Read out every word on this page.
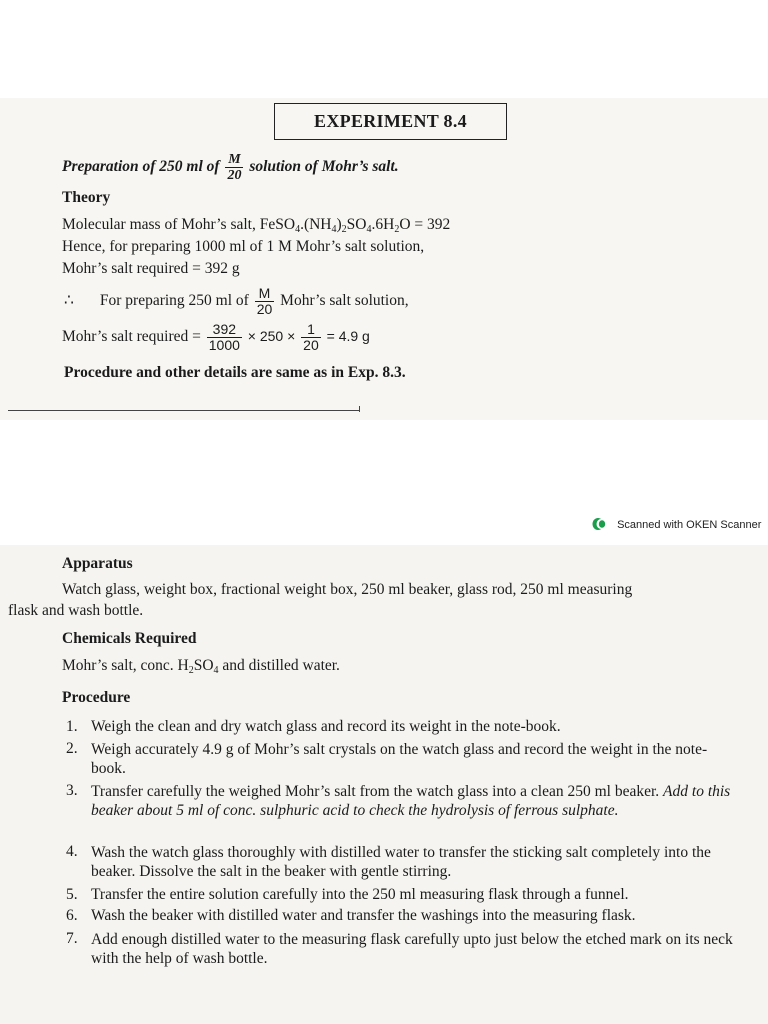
EXPERIMENT 8.4
Preparation of 250 ml of $\frac{M}{20}$ solution of Mohr’s salt.
Theory
Molecular mass of Mohr’s salt, $FeSO_4.(NH_4)_2SO_4.6H_2O = 392$
Hence, for preparing 1000 ml of 1 M Mohr’s salt solution,
Mohr’s salt required = 392 g
∴ For preparing 250 ml of $\frac{M}{20}$ Mohr’s salt solution,
Mohr’s salt required = $\frac{392}{1000} \times 250 \times \frac{1}{20} = 4.9$ g
Procedure and other details are same as in Exp. 8.3.
Scanned with OKEN Scanner
Apparatus
Watch glass, weight box, fractional weight box, 250 ml beaker, glass rod, 250 ml measuring
flask and wash bottle.
Chemicals Required
Mohr’s salt, conc. $H_2SO_4$ and distilled water.
Procedure
1. Weigh the clean and dry watch glass and record its weight in the note-book.
2. Weigh accurately 4.9 g of Mohr’s salt crystals on the watch glass and record the weight in the note-book.
3. Transfer carefully the weighed Mohr’s salt from the watch glass into a clean 250 ml beaker. Add to this beaker about 5 ml of conc. sulphuric acid to check the hydrolysis of ferrous sulphate.
4. Wash the watch glass thoroughly with distilled water to transfer the sticking salt completely into the beaker. Dissolve the salt in the beaker with gentle stirring.
5. Transfer the entire solution carefully into the 250 ml measuring flask through a funnel.
6. Wash the beaker with distilled water and transfer the washings into the measuring flask.
7. Add enough distilled water to the measuring flask carefully upto just below the etched mark on its neck with the help of wash bottle.
